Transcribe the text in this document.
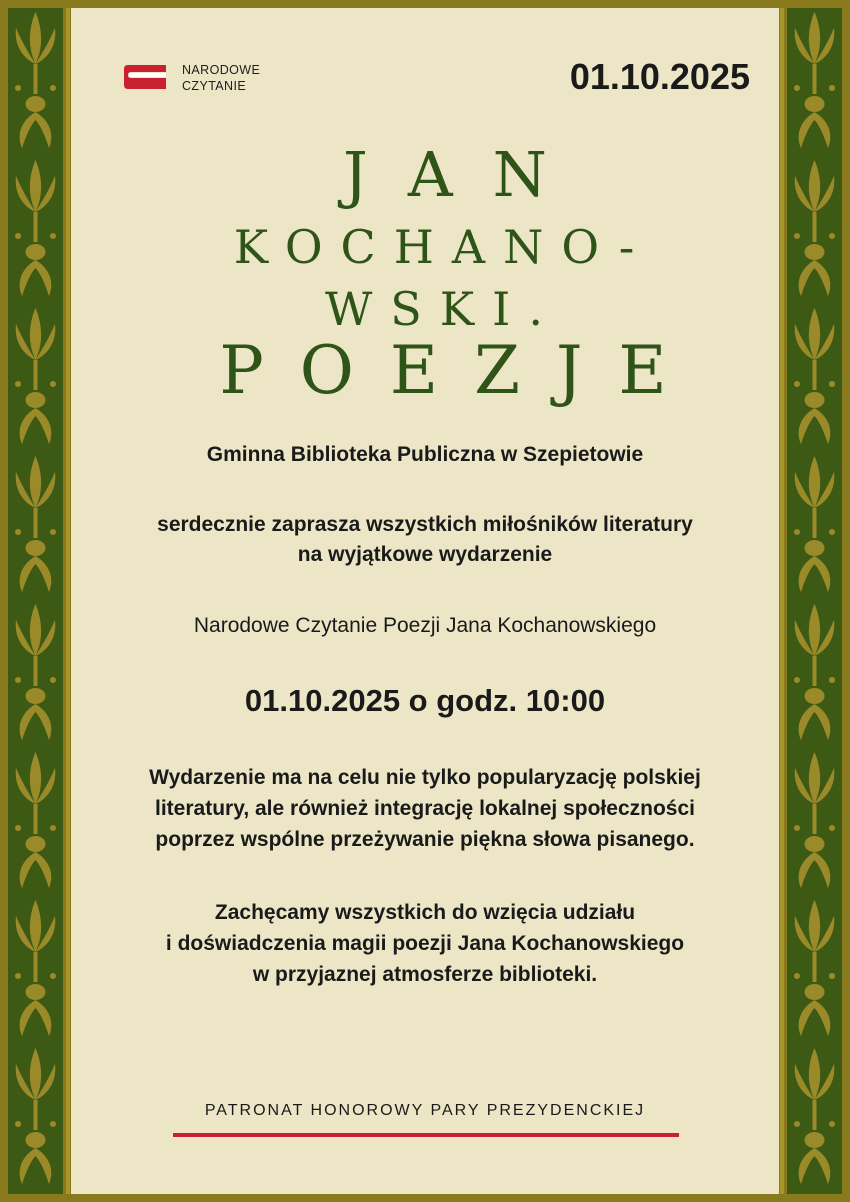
NARODOWE
CZYTANIE	01.10.2025
JAN
KOCHANO-
WSKI.
POEZJE
Gminna Biblioteka Publiczna w Szepietowie
serdecznie zaprasza wszystkich miłośników literatury
na wyjątkowe wydarzenie
Narodowe Czytanie Poezji Jana Kochanowskiego
01.10.2025 o godz. 10:00
Wydarzenie ma na celu nie tylko popularyzację polskiej
literatury, ale również integrację lokalnej społeczności
poprzez wspólne przeżywanie piękna słowa pisanego.
Zachęcamy wszystkich do wzięcia udziału
i doświadczenia magii poezji Jana Kochanowskiego
w przyjaznej atmosferze biblioteki.
PATRONAT HONOROWY PARY PREZYDENCKIEJ
